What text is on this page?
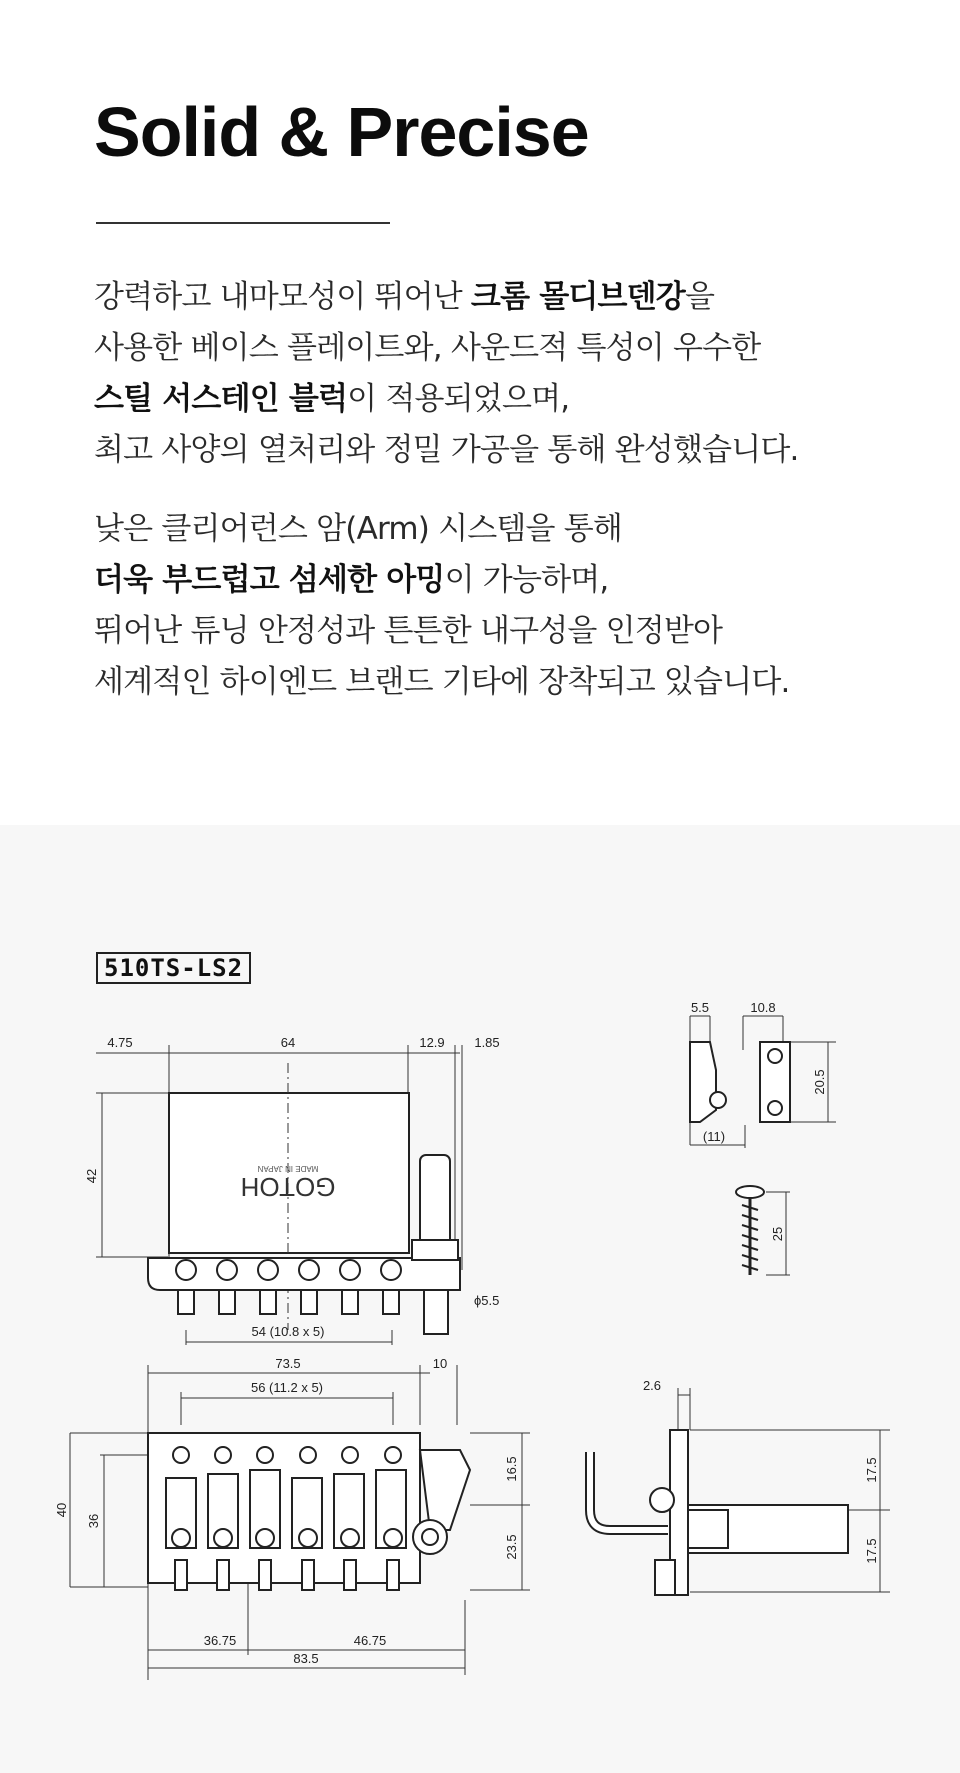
Solid & Precise

강력하고 내마모성이 뛰어난 크롬 몰디브덴강을
사용한 베이스 플레이트와, 사운드적 특성이 우수한
스틸 서스테인 블럭이 적용되었으며,
최고 사양의 열처리와 정밀 가공을 통해 완성했습니다.

낮은 클리어런스 암(Arm) 시스템을 통해
더욱 부드럽고 섬세한 아밍이 가능하며,
뛰어난 튜닝 안정성과 튼튼한 내구성을 인정받아
세계적인 하이엔드 브랜드 기타에 장착되고 있습니다.

510TS-LS2
GOTOH
MADE IN JAPAN
4.75	64	12.9 1.85
42
54 (10.8 x 5)
ϕ5.5
5.5	10.8
20.5
(11)
25
73.5	10
56 (11.2 x 5)
40
36
16.5
23.5
36.75	46.75
83.5
2.6
17.5
17.5
